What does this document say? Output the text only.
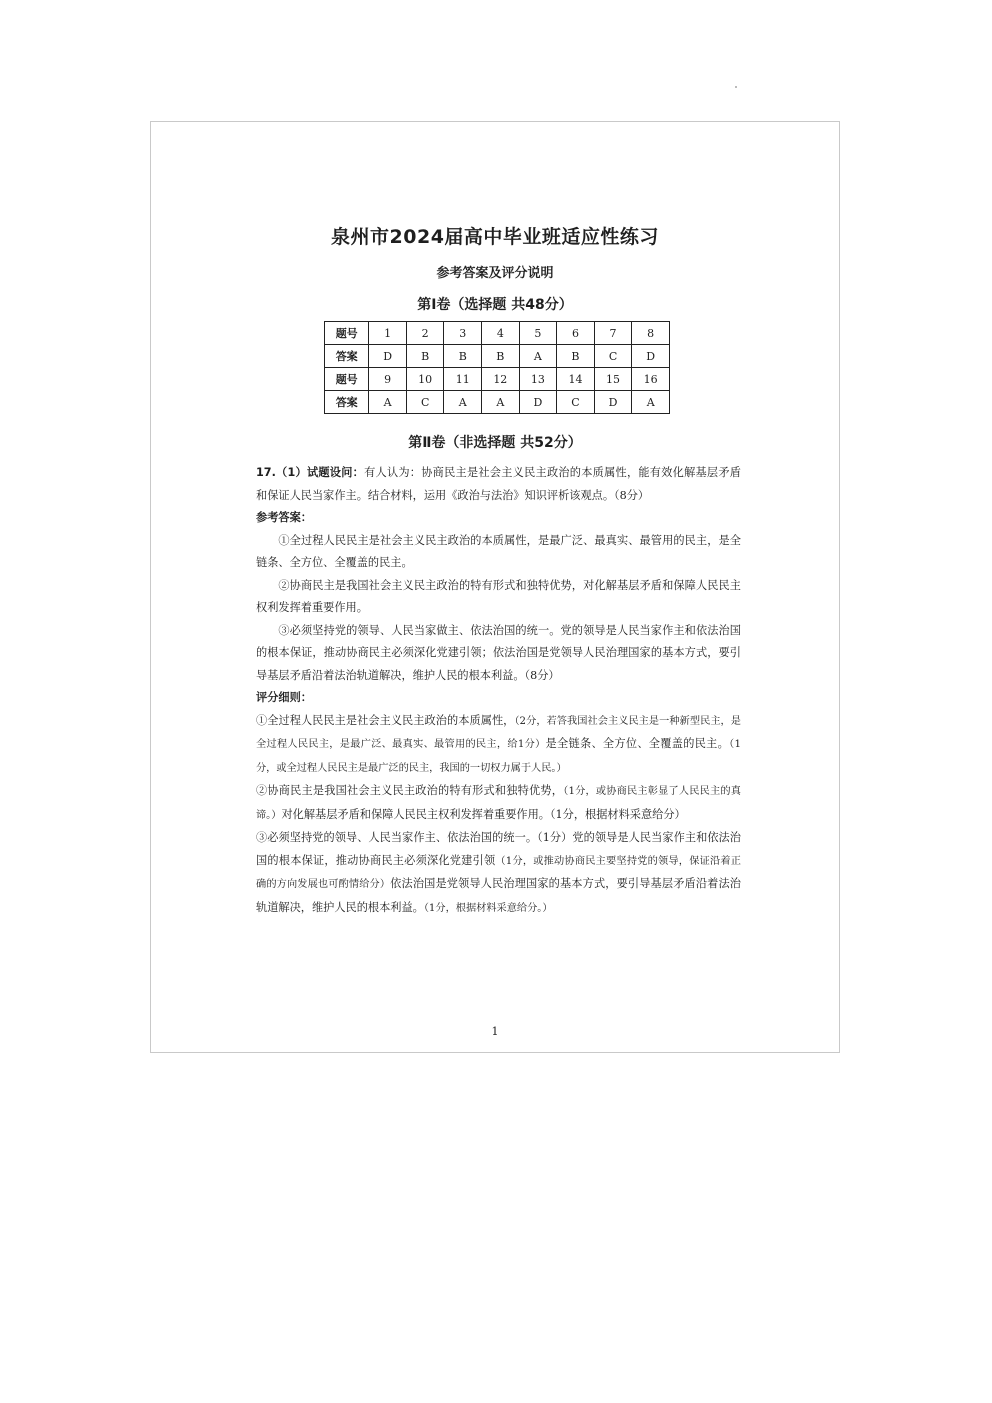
泉州市2024届高中毕业班适应性练习
参考答案及评分说明
第Ⅰ卷（选择题 共48分）
题号	1	2	3	4	5	6	7	8
答案	D	B	B	B	A	B	C	D
题号	9	10	11	12	13	14	15	16
答案	A	C	A	A	D	C	D	A
第Ⅱ卷（非选择题 共52分）

17.（1）试题设问：有人认为：协商民主是社会主义民主政治的本质属性，能有效化解基层矛盾和保证人民当家作主。结合材料，运用《政治与法治》知识评析该观点。（8分）

参考答案：

①全过程人民民主是社会主义民主政治的本质属性，是最广泛、最真实、最管用的民主，是全链条、全方位、全覆盖的民主。

②协商民主是我国社会主义民主政治的特有形式和独特优势，对化解基层矛盾和保障人民民主权利发挥着重要作用。

③必须坚持党的领导、人民当家做主、依法治国的统一。党的领导是人民当家作主和依法治国的根本保证，推动协商民主必须深化党建引领；依法治国是党领导人民治理国家的基本方式，要引导基层矛盾沿着法治轨道解决，维护人民的根本利益。（8分）

评分细则：

①全过程人民民主是社会主义民主政治的本质属性，（2分，若答我国社会主义民主是一种新型民主，是全过程人民民主，是最广泛、最真实、最管用的民主，给1分）是全链条、全方位、全覆盖的民主。（1分，或全过程人民民主是最广泛的民主，我国的一切权力属于人民。）

②协商民主是我国社会主义民主政治的特有形式和独特优势，（1分，或协商民主彰显了人民民主的真谛。）对化解基层矛盾和保障人民民主权利发挥着重要作用。（1分，根据材料采意给分）

③必须坚持党的领导、人民当家作主、依法治国的统一。（1分）党的领导是人民当家作主和依法治国的根本保证，推动协商民主必须深化党建引领（1分，或推动协商民主要坚持党的领导，保证沿着正确的方向发展也可酌情给分）依法治国是党领导人民治理国家的基本方式，要引导基层矛盾沿着法治轨道解决，维护人民的根本利益。（1分，根据材料采意给分。）

1
